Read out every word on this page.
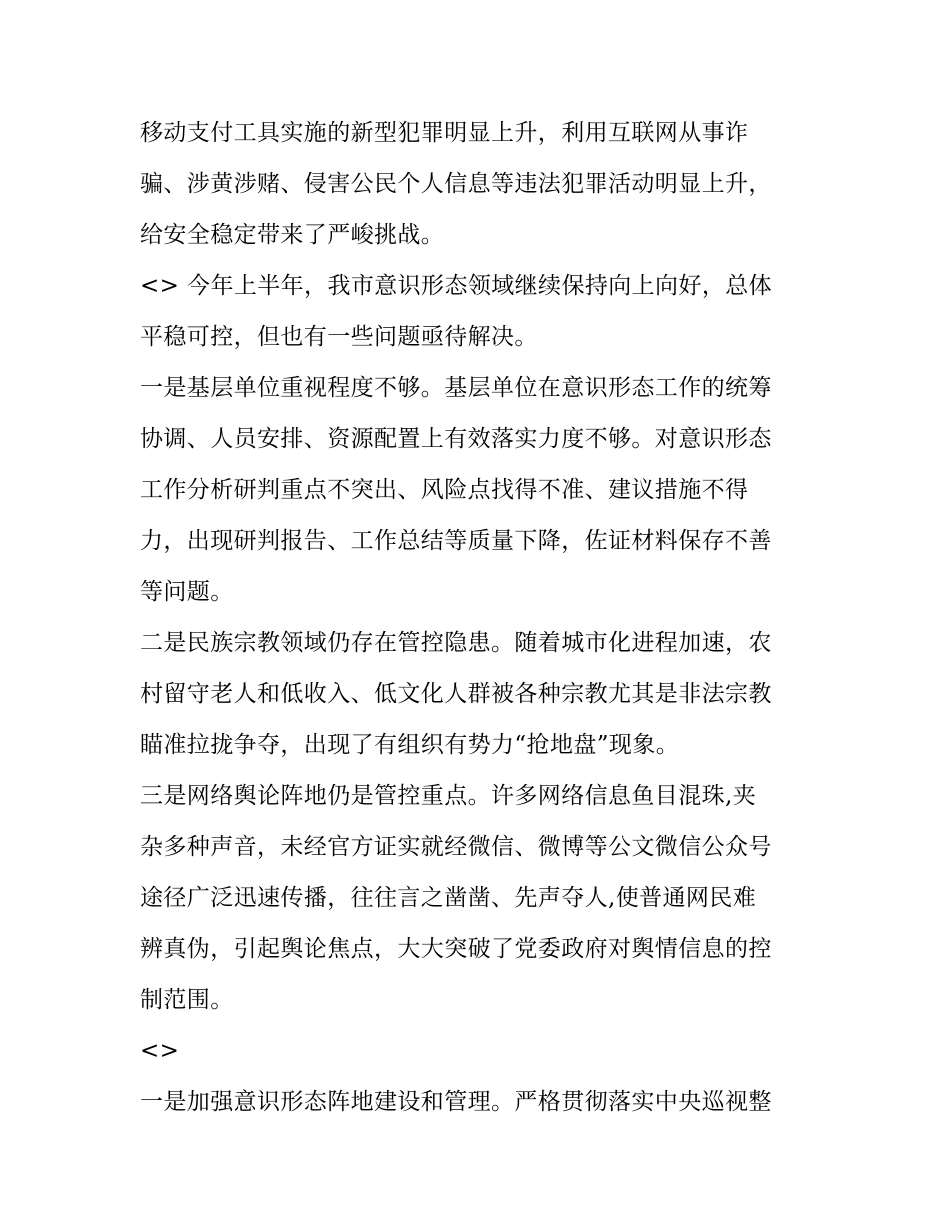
移动支付工具实施的新型犯罪明显上升，利用互联网从事诈
骗、涉黄涉赌、侵害公民个人信息等违法犯罪活动明显上升，
给安全稳定带来了严峻挑战。
<> 今年上半年，我市意识形态领域继续保持向上向好，总体
平稳可控，但也有一些问题亟待解决。
一是基层单位重视程度不够。基层单位在意识形态工作的统筹
协调、人员安排、资源配置上有效落实力度不够。对意识形态
工作分析研判重点不突出、风险点找得不准、建议措施不得
力，出现研判报告、工作总结等质量下降，佐证材料保存不善
等问题。
二是民族宗教领域仍存在管控隐患。随着城市化进程加速，农
村留守老人和低收入、低文化人群被各种宗教尤其是非法宗教
瞄准拉拢争夺，出现了有组织有势力“抢地盘”现象。
三是网络舆论阵地仍是管控重点。许多网络信息鱼目混珠,夹
杂多种声音，未经官方证实就经微信、微博等公文微信公众号
途径广泛迅速传播，往往言之凿凿、先声夺人,使普通网民难
辨真伪，引起舆论焦点，大大突破了党委政府对舆情信息的控
制范围。
<>
一是加强意识形态阵地建设和管理。严格贯彻落实中央巡视整
